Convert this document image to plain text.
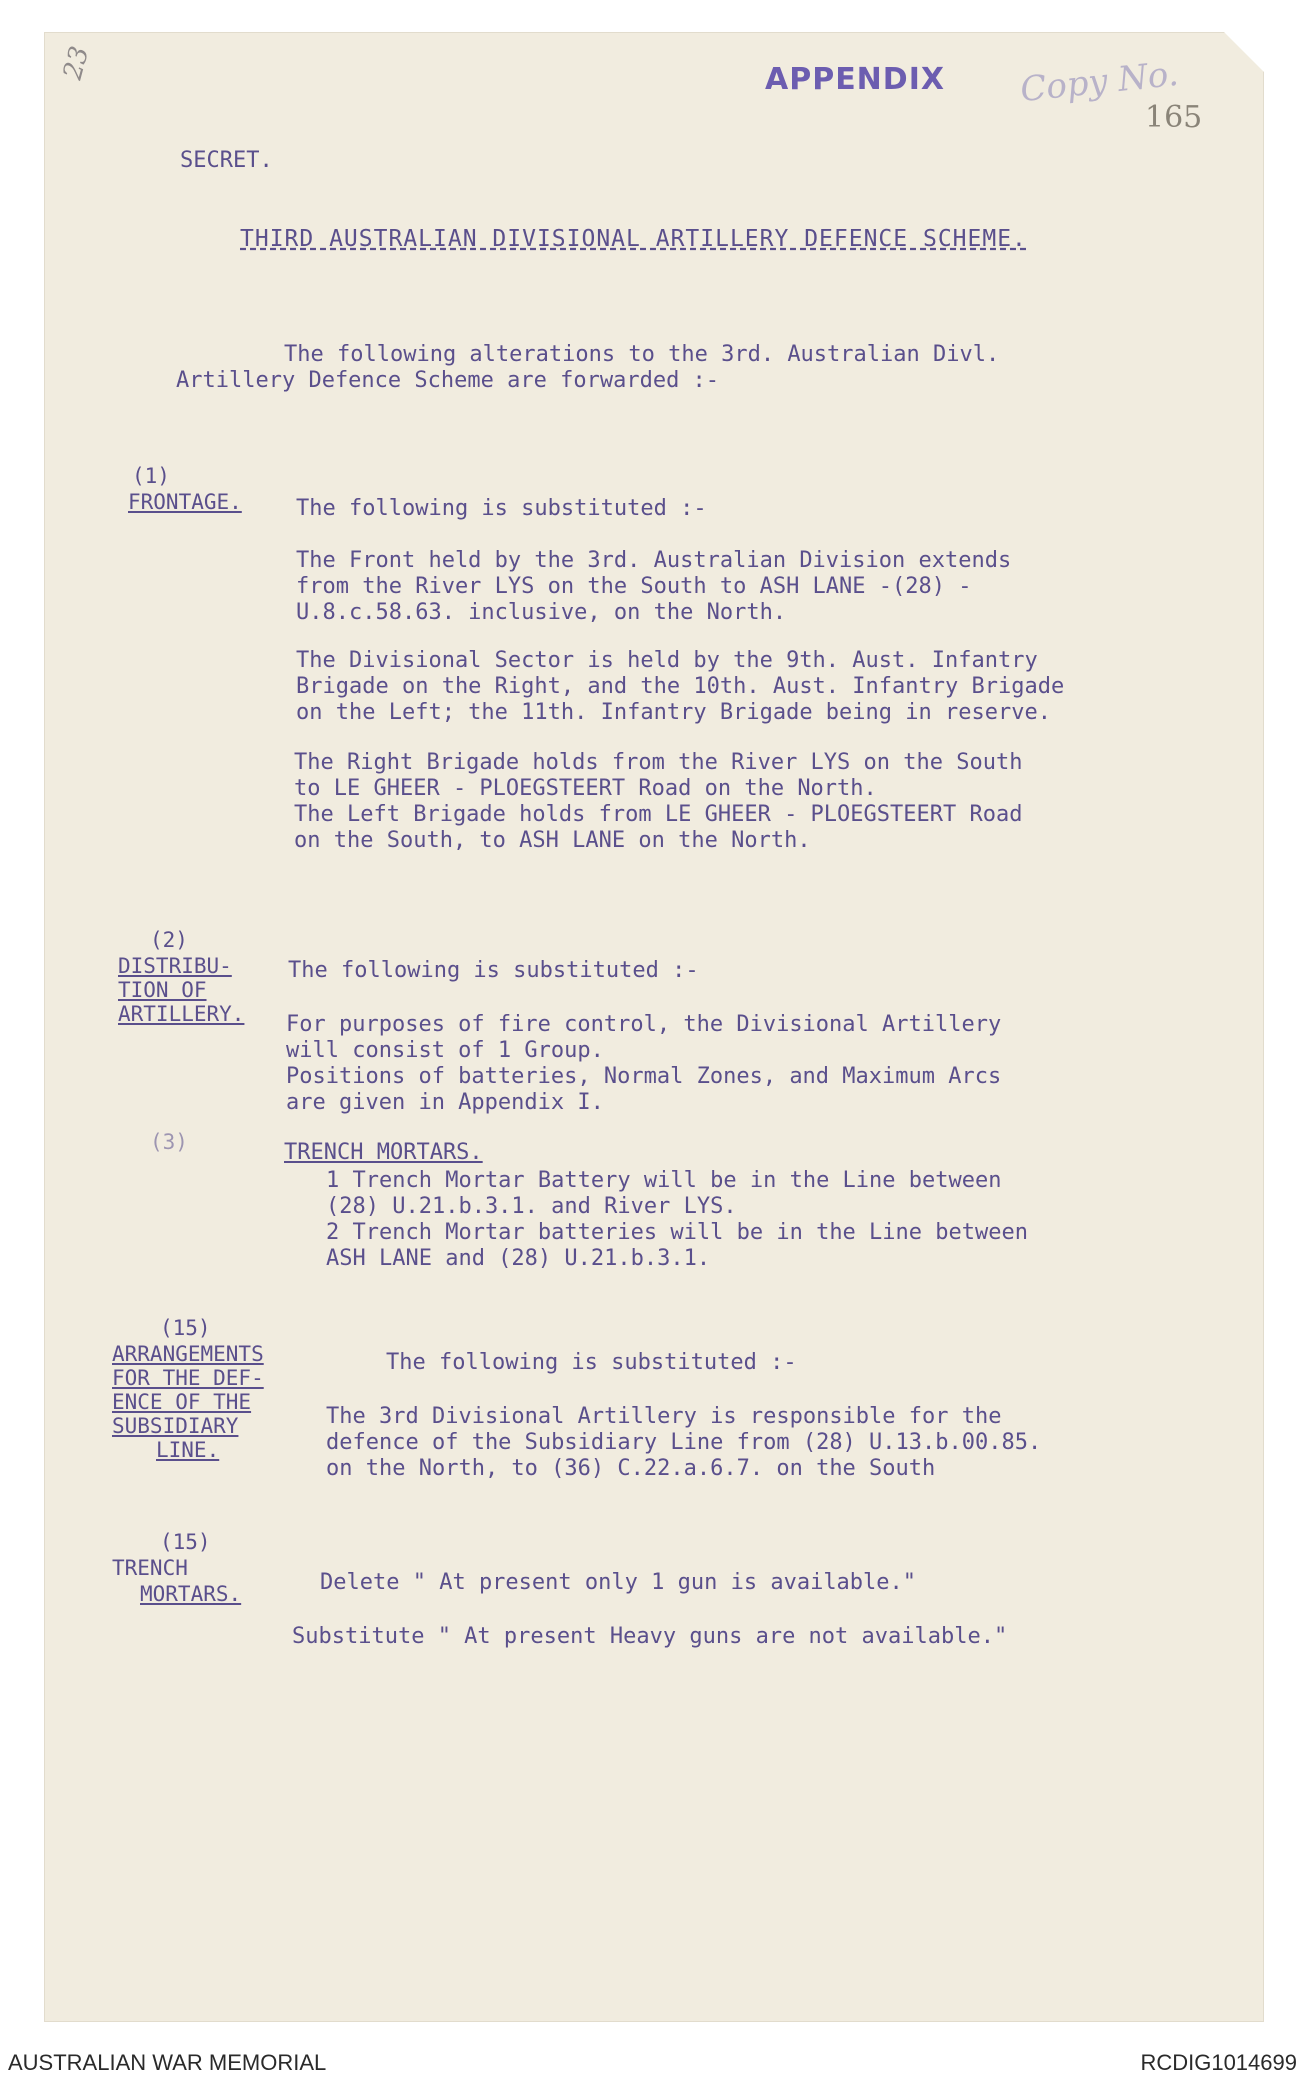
23	APPENDIX Copy No.
165
SECRET.
THIRD AUSTRALIAN DIVISIONAL ARTILLERY DEFENCE SCHEME.
The following alterations to the 3rd. Australian Divl.
Artillery Defence Scheme are forwarded :-
(1)
FRONTAGE. The following is substituted :-
The Front held by the 3rd. Australian Division extends
from the River LYS on the South to ASH LANE -(28) -
U.8.c.58.63. inclusive, on the North.
The Divisional Sector is held by the 9th. Aust. Infantry
Brigade on the Right, and the 10th. Aust. Infantry Brigade
on the Left; the 11th. Infantry Brigade being in reserve.
The Right Brigade holds from the River LYS on the South
to LE GHEER - PLOEGSTEERT Road on the North.
The Left Brigade holds from LE GHEER - PLOEGSTEERT Road
on the South, to ASH LANE on the North.
(2)
DISTRIBU-
TION OF
ARTILLERY.
The following is substituted :-
For purposes of fire control, the Divisional Artillery
will consist of 1 Group.
Positions of batteries, Normal Zones, and Maximum Arcs
are given in Appendix I.
(3)	TRENCH MORTARS.
1 Trench Mortar Battery will be in the Line between
(28) U.21.b.3.1. and River LYS.
2 Trench Mortar batteries will be in the Line between
ASH LANE and (28) U.21.b.3.1.
(15)
ARRANGEMENTS
FOR THE DEF-
ENCE OF THE
SUBSIDIARY
LINE.
The following is substituted :-
The 3rd Divisional Artillery is responsible for the
defence of the Subsidiary Line from (28) U.13.b.00.85.
on the North, to (36) C.22.a.6.7. on the South
(15)
TRENCH
MORTARS.	Delete " At present only 1 gun is available."
Substitute " At present Heavy guns are not available."
AUSTRALIAN WAR MEMORIAL	RCDIG1014699
